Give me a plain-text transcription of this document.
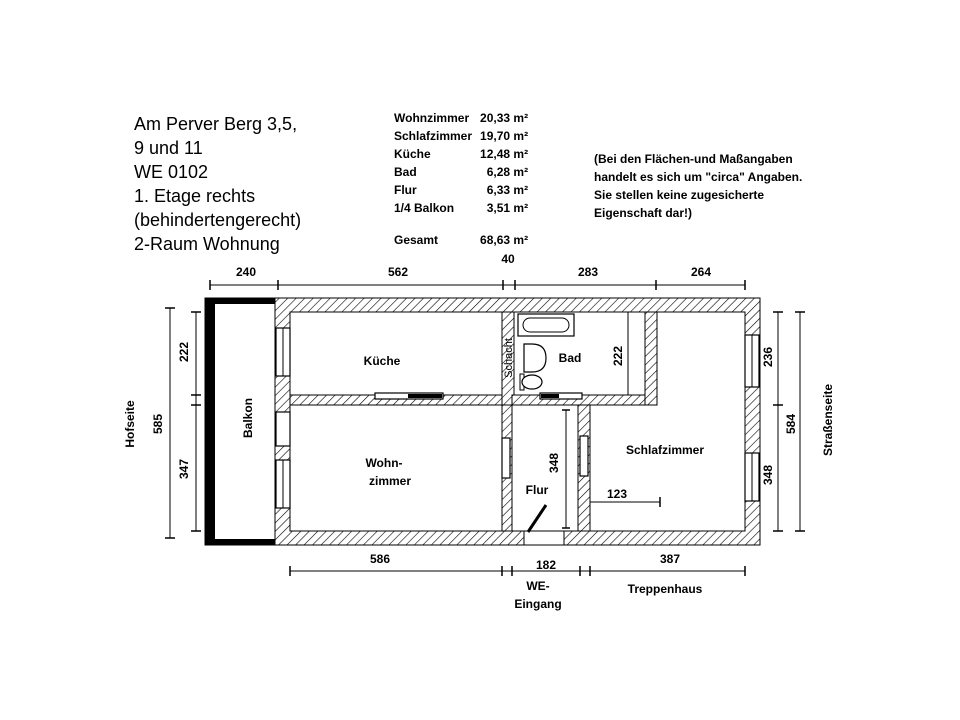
Am Perver Berg 3,5,
9 und 11
WE 0102
1. Etage rechts
(behindertengerecht)
2-Raum Wohnung
Wohnzimmer	20,33 m²
Schlafzimmer	19,70 m²
Küche	12,48 m²
Bad	6,28 m²
Flur	6,33 m²
1/4 Balkon	3,51 m²
Gesamt	68,63 m²
(Bei den Flächen-und Maßangaben
handelt es sich um "circa" Angaben.
Sie stellen keine zugesicherte
Eigenschaft dar!)
Küche	Bad
Schacht
Wohn-
zimmer
Flur
Schlafzimmer
Balkon
240	562
40
283	264
586	182	387
WE-
Eingang
Treppenhaus
585
222
347
Hofseite	584
236
348
Straßenseite
222
348
123
